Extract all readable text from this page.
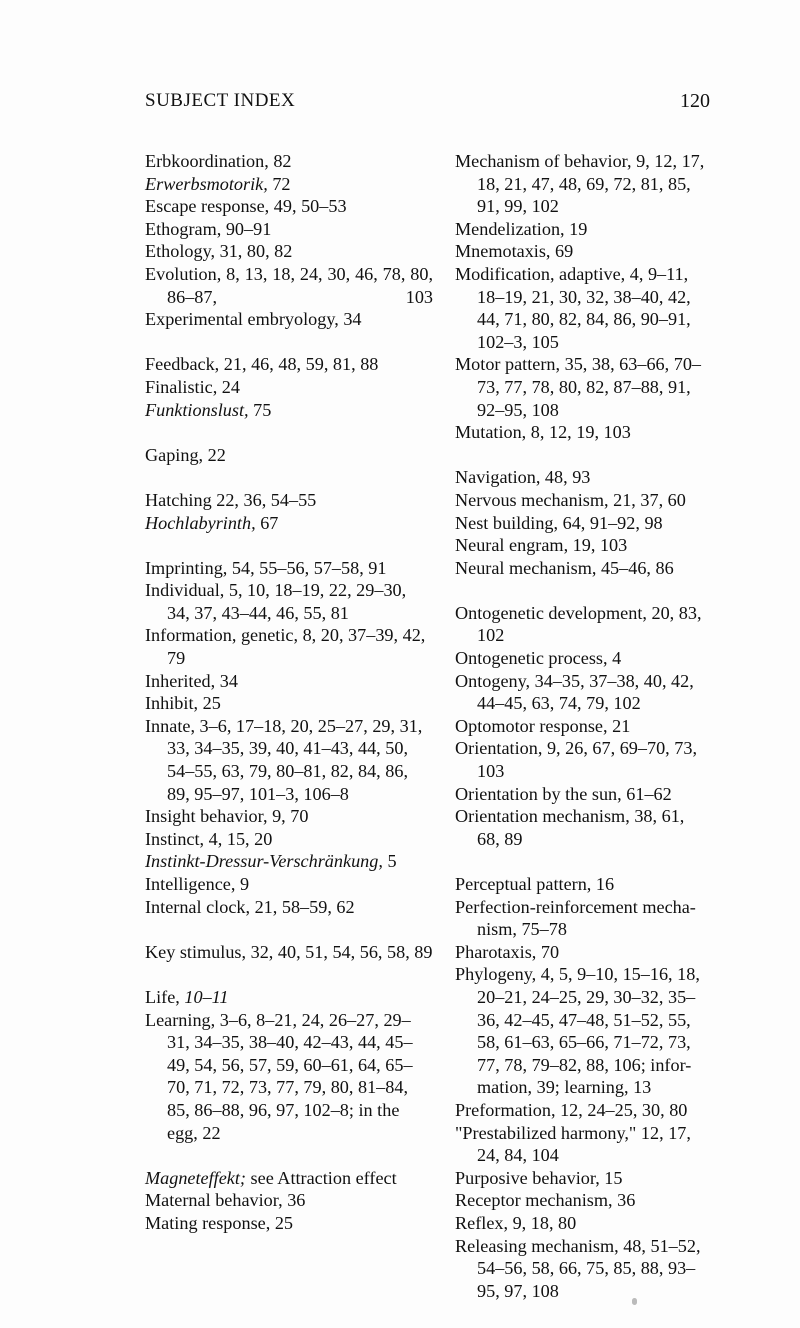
SUBJECT INDEX	120

Erbkoordination, 82

Erwerbsmotorik, 72

Escape response, 49, 50–53

Ethogram, 90–91

Ethology, 31, 80, 82

Evolution, 8, 13, 18, 24, 30, 46, 78, 80, 86–87, 103

Experimental embryology, 34

Feedback, 21, 46, 48, 59, 81, 88

Finalistic, 24

Funktionslust, 75

Gaping, 22

Hatching 22, 36, 54–55

Hochlabyrinth, 67

Imprinting, 54, 55–56, 57–58, 91

Individual, 5, 10, 18–19, 22, 29–30, 34, 37, 43–44, 46, 55, 81

Information, genetic, 8, 20, 37–39, 42, 79

Inherited, 34

Inhibit, 25

Innate, 3–6, 17–18, 20, 25–27, 29, 31, 33, 34–35, 39, 40, 41–43, 44, 50, 54–55, 63, 79, 80–81, 82, 84, 86, 89, 95–97, 101–3, 106–8

Insight behavior, 9, 70

Instinct, 4, 15, 20

Instinkt-Dressur-Verschränkung, 5

Intelligence, 9

Internal clock, 21, 58–59, 62

Key stimulus, 32, 40, 51, 54, 56, 58, 89

Life, 10–11

Learning, 3–6, 8–21, 24, 26–27, 29–31, 34–35, 38–40, 42–43, 44, 45–49, 54, 56, 57, 59, 60–61, 64, 65–70, 71, 72, 73, 77, 79, 80, 81–84, 85, 86–88, 96, 97, 102–8; in the egg, 22

Magneteffekt; see Attraction effect

Maternal behavior, 36

Mating response, 25

Mechanism of behavior, 9, 12, 17, 18, 21, 47, 48, 69, 72, 81, 85, 91, 99, 102

Mendelization, 19

Mnemotaxis, 69

Modification, adaptive, 4, 9–11, 18–19, 21, 30, 32, 38–40, 42, 44, 71, 80, 82, 84, 86, 90–91, 102–3, 105

Motor pattern, 35, 38, 63–66, 70–73, 77, 78, 80, 82, 87–88, 91, 92–95, 108

Mutation, 8, 12, 19, 103

Navigation, 48, 93

Nervous mechanism, 21, 37, 60

Nest building, 64, 91–92, 98

Neural engram, 19, 103

Neural mechanism, 45–46, 86

Ontogenetic development, 20, 83, 102

Ontogenetic process, 4

Ontogeny, 34–35, 37–38, 40, 42, 44–45, 63, 74, 79, 102

Optomotor response, 21

Orientation, 9, 26, 67, 69–70, 73, 103

Orientation by the sun, 61–62

Orientation mechanism, 38, 61, 68, 89

Perceptual pattern, 16

Perfection-reinforcement mecha-nism, 75–78

Pharotaxis, 70

Phylogeny, 4, 5, 9–10, 15–16, 18, 20–21, 24–25, 29, 30–32, 35–36, 42–45, 47–48, 51–52, 55, 58, 61–63, 65–66, 71–72, 73, 77, 78, 79–82, 88, 106; infor-mation, 39; learning, 13

Preformation, 12, 24–25, 30, 80

"Prestabilized harmony," 12, 17, 24, 84, 104

Purposive behavior, 15

Receptor mechanism, 36

Reflex, 9, 18, 80

Releasing mechanism, 48, 51–52, 54–56, 58, 66, 75, 85, 88, 93–95, 97, 108
